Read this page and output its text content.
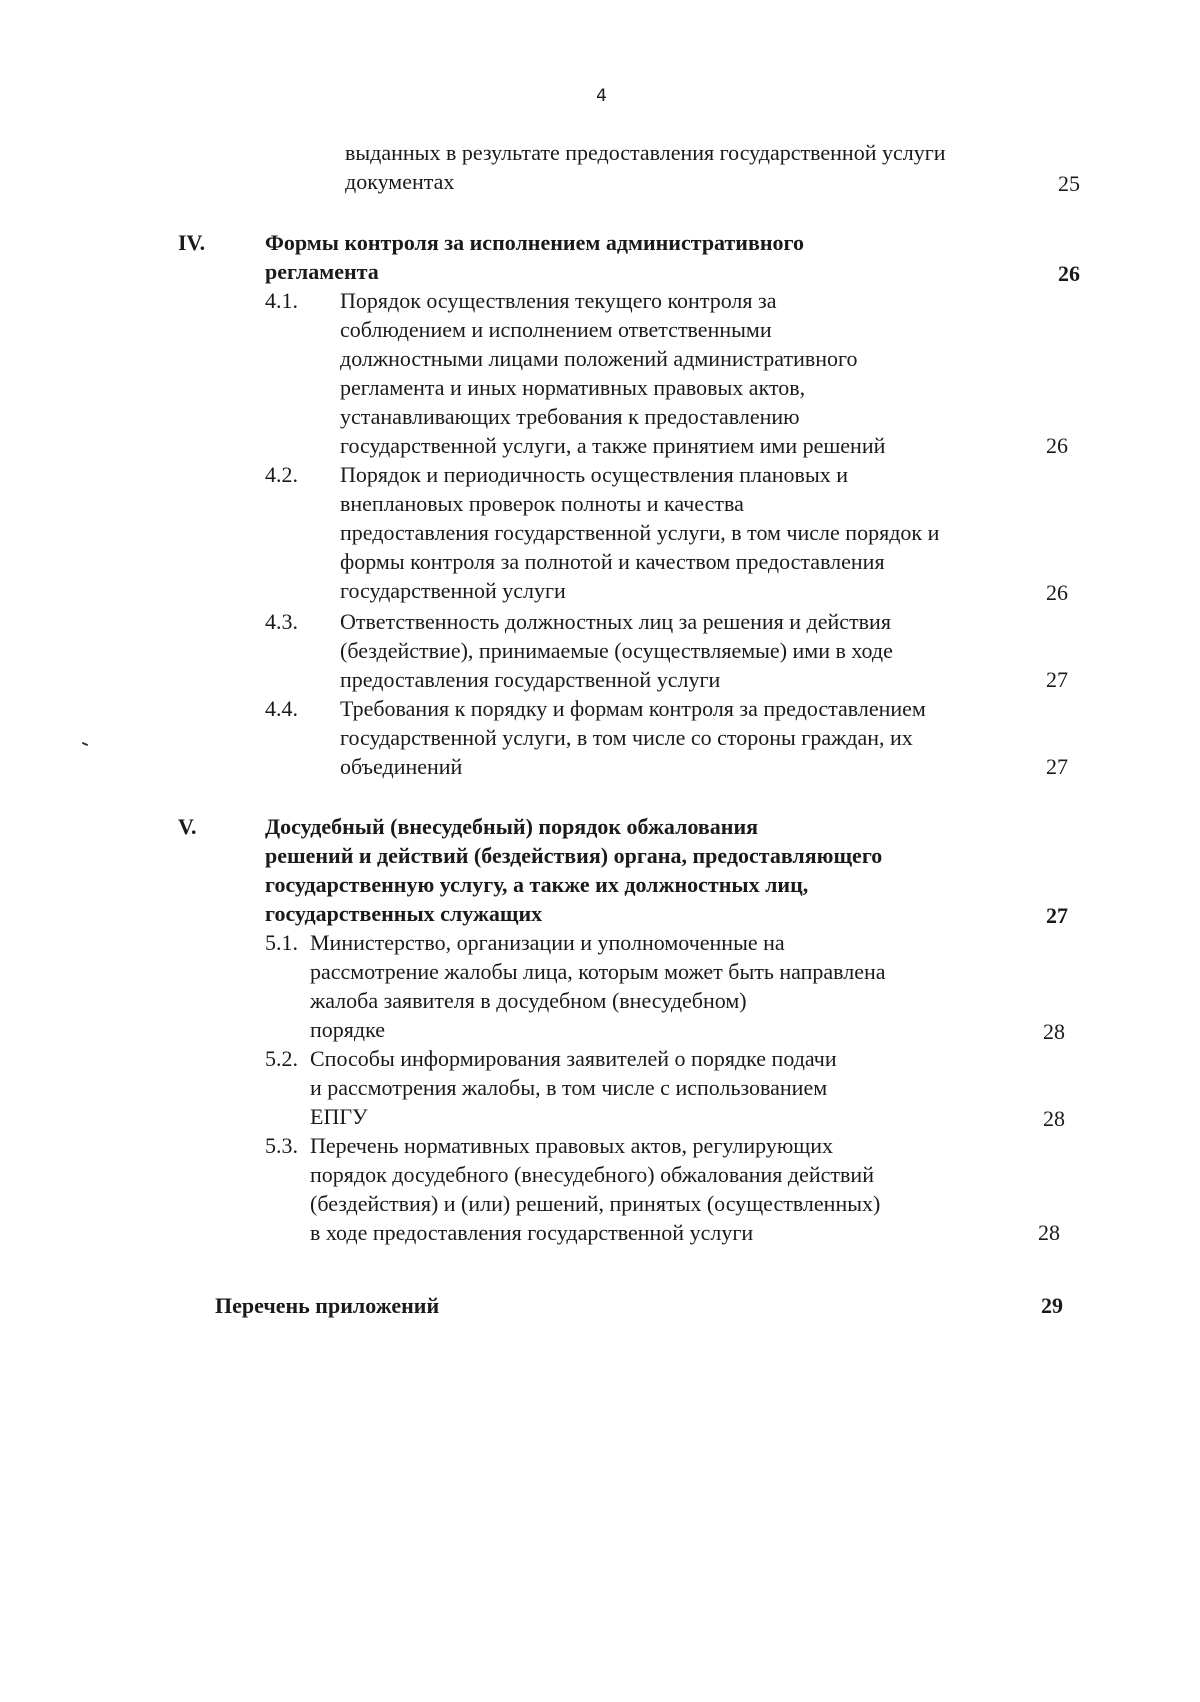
4
выданных в результате предоставления государственной услуги
документах	25
IV.	Формы контроля за исполнением административного
регламента	26
4.1. Порядок осуществления текущего контроля за
соблюдением и исполнением ответственными
должностными лицами положений административного
регламента и иных нормативных правовых актов,
устанавливающих требования к предоставлению
государственной услуги, а также принятием ими решений	26
4.2. Порядок и периодичность осуществления плановых и
внеплановых проверок полноты и качества
предоставления государственной услуги, в том числе порядок и
формы контроля за полнотой и качеством предоставления
государственной услуги	26
4.3. Ответственность должностных лиц за решения и действия
(бездействие), принимаемые (осуществляемые) ими в ходе
предоставления государственной услуги	27
4.4. Требования к порядку и формам контроля за предоставлением
государственной услуги, в том числе со стороны граждан, их
объединений	27
V.	Досудебный (внесудебный) порядок обжалования
решений и действий (бездействия) органа, предоставляющего
государственную услугу, а также их должностных лиц,
государственных служащих	27
5.1. Министерство, организации и уполномоченные на
рассмотрение жалобы лица, которым может быть направлена
жалоба заявителя в досудебном (внесудебном)
порядке	28
5.2. Способы информирования заявителей о порядке подачи
и рассмотрения жалобы, в том числе с использованием
ЕПГУ	28
5.3. Перечень нормативных правовых актов, регулирующих
порядок досудебного (внесудебного) обжалования действий
(бездействия) и (или) решений, принятых (осуществленных)
в ходе предоставления государственной услуги	28
Перечень приложений	29
